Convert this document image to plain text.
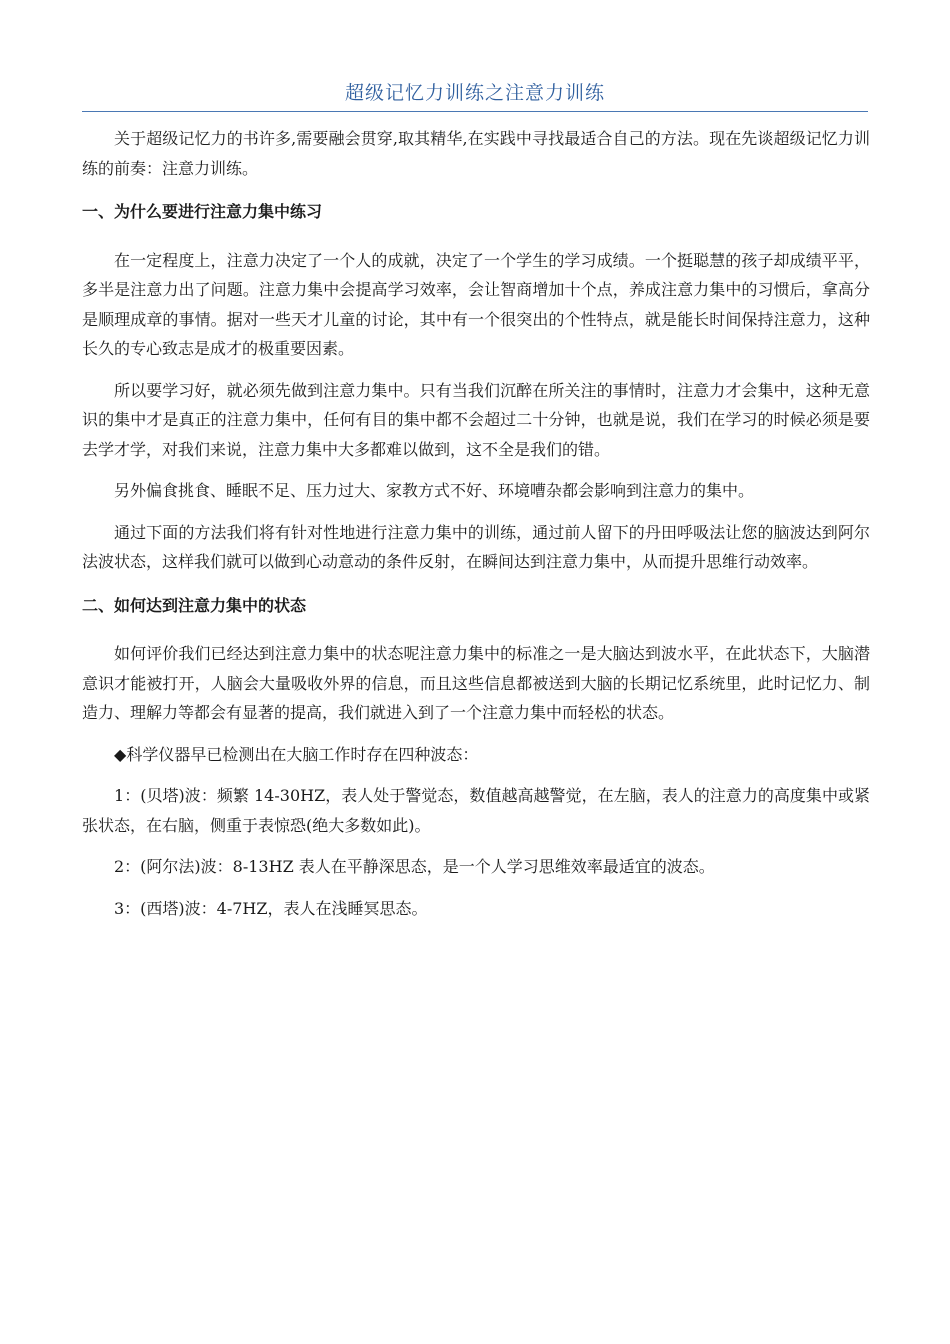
超级记忆力训练之注意力训练

关于超级记忆力的书许多,需要融会贯穿,取其精华,在实践中寻找最适合自己的方法。现在先谈超级记忆力训练的前奏：注意力训练。

一、为什么要进行注意力集中练习

在一定程度上，注意力决定了一个人的成就，决定了一个学生的学习成绩。一个挺聪慧的孩子却成绩平平，多半是注意力出了问题。注意力集中会提高学习效率，会让智商增加十个点，养成注意力集中的习惯后，拿高分是顺理成章的事情。据对一些天才儿童的讨论，其中有一个很突出的个性特点，就是能长时间保持注意力，这种长久的专心致志是成才的极重要因素。

所以要学习好，就必须先做到注意力集中。只有当我们沉醉在所关注的事情时，注意力才会集中，这种无意识的集中才是真正的注意力集中，任何有目的集中都不会超过二十分钟，也就是说，我们在学习的时候必须是要去学才学，对我们来说，注意力集中大多都难以做到，这不全是我们的错。

另外偏食挑食、睡眠不足、压力过大、家教方式不好、环境嘈杂都会影响到注意力的集中。

通过下面的方法我们将有针对性地进行注意力集中的训练，通过前人留下的丹田呼吸法让您的脑波达到阿尔法波状态，这样我们就可以做到心动意动的条件反射，在瞬间达到注意力集中，从而提升思维行动效率。

二、如何达到注意力集中的状态

如何评价我们已经达到注意力集中的状态呢注意力集中的标准之一是大脑达到波水平，在此状态下，大脑潜意识才能被打开，人脑会大量吸收外界的信息，而且这些信息都被送到大脑的长期记忆系统里，此时记忆力、制造力、理解力等都会有显著的提高，我们就进入到了一个注意力集中而轻松的状态。

◆科学仪器早已检测出在大脑工作时存在四种波态：

1：(贝塔)波：频繁 14-30HZ，表人处于警觉态，数值越高越警觉，在左脑，表人的注意力的高度集中或紧张状态，在右脑，侧重于表惊恐(绝大多数如此)。

2：(阿尔法)波：8-13HZ 表人在平静深思态，是一个人学习思维效率最适宜的波态。

3：(西塔)波：4-7HZ，表人在浅睡冥思态。
